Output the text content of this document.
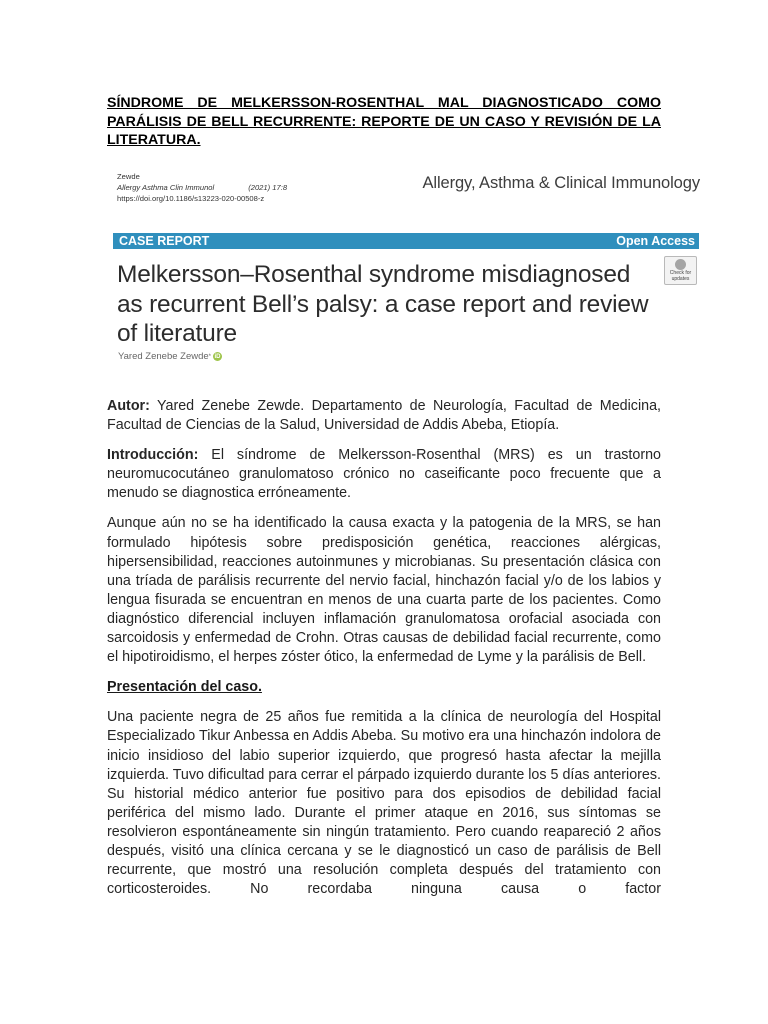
SÍNDROME DE MELKERSSON-ROSENTHAL MAL DIAGNOSTICADO COMO PARÁLISIS DE BELL RECURRENTE: REPORTE DE UN CASO Y REVISIÓN DE LA LITERATURA.
Zewde
Allergy Asthma Clin Immunol	(2021) 17:8
https://doi.org/10.1186/s13223-020-00508-z
Allergy, Asthma & Clinical Immunology
CASE REPORT	Open Access
Melkersson–Rosenthal syndrome misdiagnosed as recurrent Bell’s palsy: a case report and review of literature
Check for updates
Yared Zenebe Zewde * iD

Autor: Yared Zenebe Zewde. Departamento de Neurología, Facultad de Medicina, Facultad de Ciencias de la Salud, Universidad de Addis Abeba, Etiopía.

Introducción: El síndrome de Melkersson-Rosenthal (MRS) es un trastorno neuromucocutáneo granulomatoso crónico no caseificante poco frecuente que a menudo se diagnostica erróneamente.

Aunque aún no se ha identificado la causa exacta y la patogenia de la MRS, se han formulado hipótesis sobre predisposición genética, reacciones alérgicas, hipersensibilidad, reacciones autoinmunes y microbianas. Su presentación clásica con una tríada de parálisis recurrente del nervio facial, hinchazón facial y/o de los labios y lengua fisurada se encuentran en menos de una cuarta parte de los pacientes. Como diagnóstico diferencial incluyen inflamación granulomatosa orofacial asociada con sarcoidosis y enfermedad de Crohn. Otras causas de debilidad facial recurrente, como el hipotiroidismo, el herpes zóster ótico, la enfermedad de Lyme y la parálisis de Bell.

Presentación del caso.

Una paciente negra de 25 años fue remitida a la clínica de neurología del Hospital Especializado Tikur Anbessa en Addis Abeba. Su motivo era una hinchazón indolora de inicio insidioso del labio superior izquierdo, que progresó hasta afectar la mejilla izquierda. Tuvo dificultad para cerrar el párpado izquierdo durante los 5 días anteriores. Su historial médico anterior fue positivo para dos episodios de debilidad facial periférica del mismo lado. Durante el primer ataque en 2016, sus síntomas se resolvieron espontáneamente sin ningún tratamiento. Pero cuando reapareció 2 años después, visitó una clínica cercana y se le diagnosticó un caso de parálisis de Bell recurrente, que mostró una resolución completa después del tratamiento con corticosteroides. No recordaba ninguna causa o factor
